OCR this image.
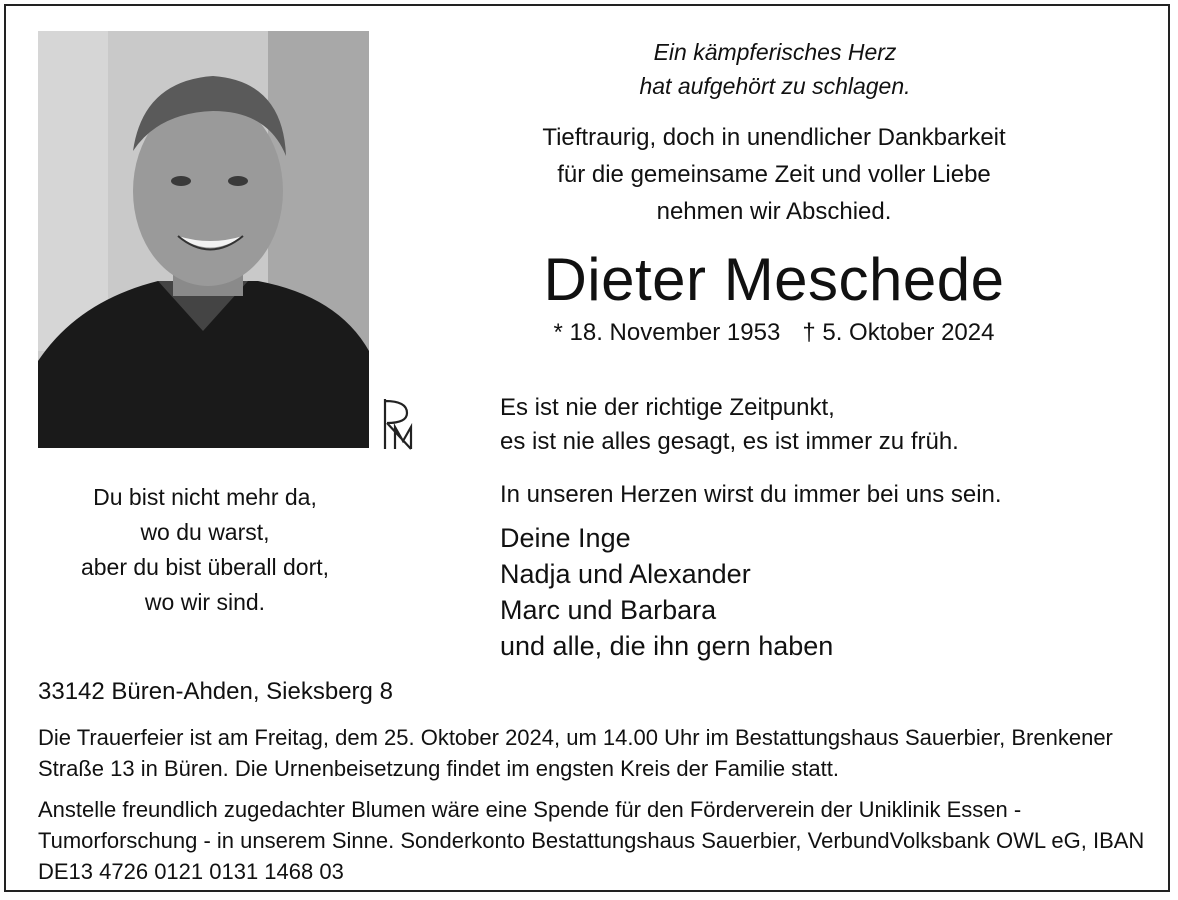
Ein kämpferisches Herz
hat aufgehört zu schlagen.
Tieftraurig, doch in unendlicher Dankbarkeit
für die gemeinsame Zeit und voller Liebe
nehmen wir Abschied.
Dieter Meschede
* 18. November 1953 † 5. Oktober 2024
Es ist nie der richtige Zeitpunkt,
es ist nie alles gesagt, es ist immer zu früh.
In unseren Herzen wirst du immer bei uns sein.
Deine Inge
Nadja und Alexander
Marc und Barbara
und alle, die ihn gern haben
Du bist nicht mehr da,
wo du warst,
aber du bist überall dort,
wo wir sind.
33142 Büren-Ahden, Sieksberg 8

Die Trauerfeier ist am Freitag, dem 25. Oktober 2024, um 14.00 Uhr im Bestattungshaus Sauerbier, Brenkener Straße 13 in Büren. Die Urnenbeisetzung findet im engsten Kreis der Familie statt.

Anstelle freundlich zugedachter Blumen wäre eine Spende für den Förderverein der Uniklinik Essen - Tumorforschung - in unserem Sinne. Sonderkonto Bestattungshaus Sauerbier, VerbundVolksbank OWL eG, IBAN DE13 4726 0121 0131 1468 03
